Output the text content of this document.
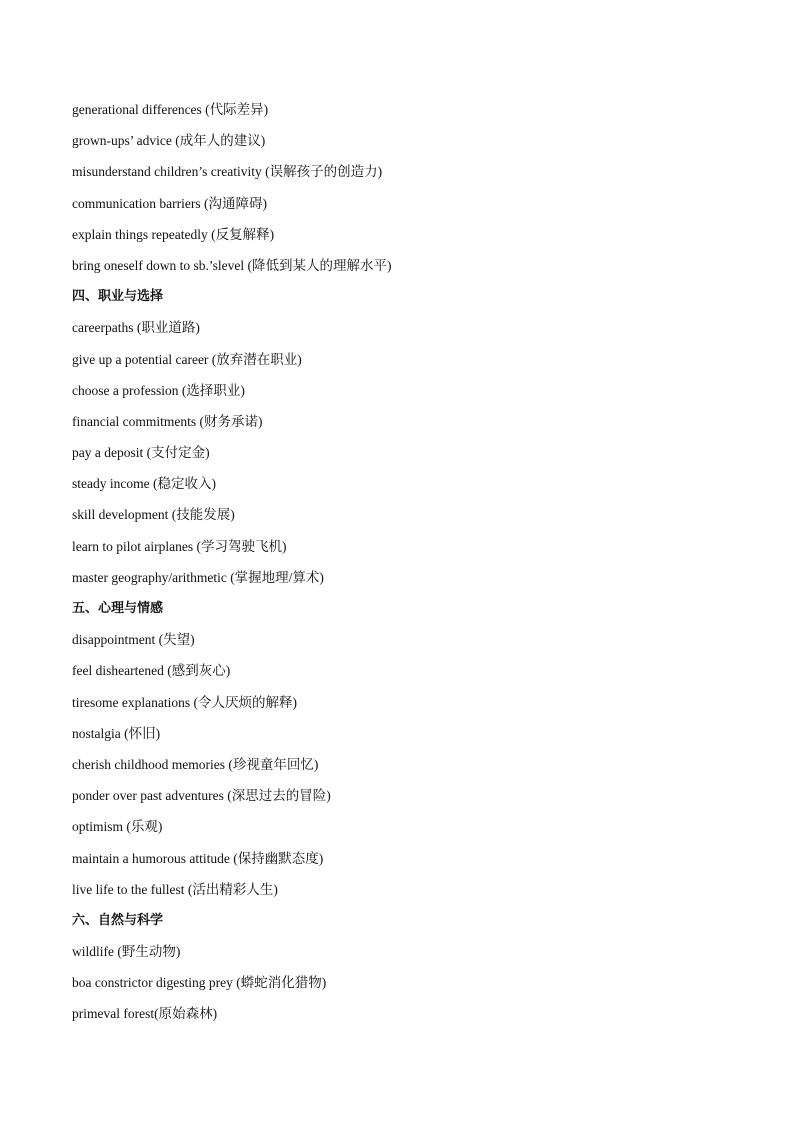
generational differences (代际差异)
grown-ups’ advice (成年人的建议)
misunderstand children’s creativity (误解孩子的创造力)
communication barriers (沟通障碍)
explain things repeatedly (反复解释)
bring oneself down to sb.’slevel (降低到某人的理解水平)
四、职业与选择
careerpaths (职业道路)
give up a potential career (放弃潜在职业)
choose a profession (选择职业)
financial commitments (财务承诺)
pay a deposit (支付定金)
steady income (稳定收入)
skill development (技能发展)
learn to pilot airplanes (学习驾驶飞机)
master geography/arithmetic (掌握地理/算术)
五、心理与情感
disappointment (失望)
feel disheartened (感到灰心)
tiresome explanations (令人厌烦的解释)
nostalgia (怀旧)
cherish childhood memories (珍视童年回忆)
ponder over past adventures (深思过去的冒险)
optimism (乐观)
maintain a humorous attitude (保持幽默态度)
live life to the fullest (活出精彩人生)
六、自然与科学
wildlife (野生动物)
boa constrictor digesting prey (蟒蛇消化猎物)
primeval forest(原始森林)
